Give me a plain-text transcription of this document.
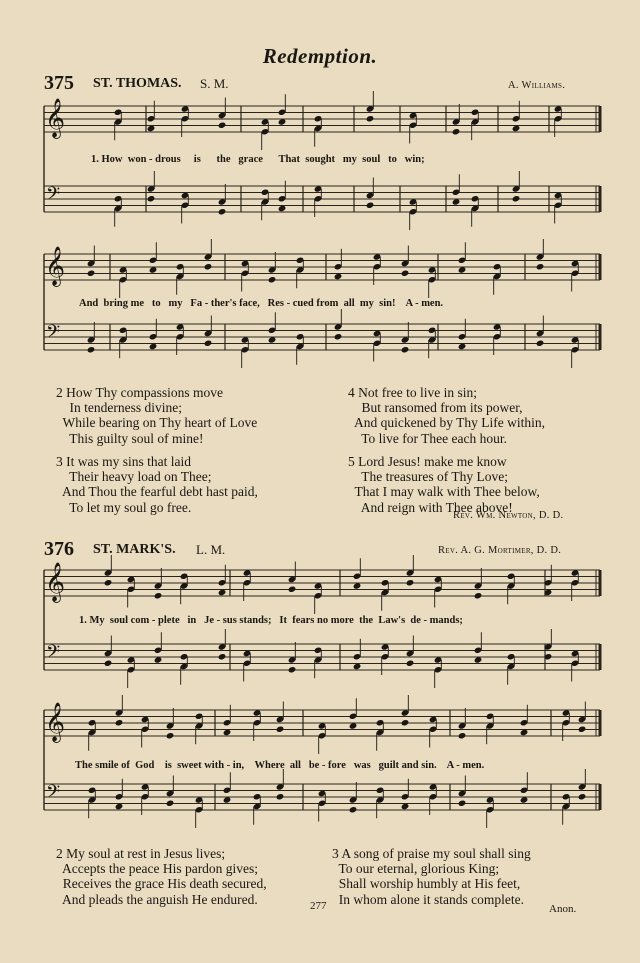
Redemption.
375 ST. THOMAS. S. M.	A. Williams.
𝄞
𝄢
𝄞
𝄢
𝄞
𝄢
𝄞
𝄢
1. How  won - drous     is      the   grace      That  sought   my  soul   to   win;
And  bring me   to   my   Fa - ther's face,   Res - cued from  all  my  sin!    A - men.
2 How Thy compassions move
In tenderness divine;
While bearing on Thy heart of Love
This guilty soul of mine!
3 It was my sins that laid
Their heavy load on Thee;
And Thou the fearful debt hast paid,
To let my soul go free.
4 Not free to live in sin;
But ransomed from its power,
And quickened by Thy Life within,
To live for Thee each hour.
5 Lord Jesus! make me know
The treasures of Thy Love;
That I may walk with Thee below,
And reign with Thee above!
Rev. Wm. Newton, D. D.
376 ST. MARK'S. L. M.	Rev. A. G. Mortimer, D. D.
1. My  soul com - plete   in   Je - sus stands;   It  fears no more  the  Law's  de - mands;
The smile of  God    is  sweet with - in,    Where  all   be - fore   was   guilt and sin.    A - men.
2 My soul at rest in Jesus lives;
Accepts the peace His pardon gives;
Receives the grace His death secured,
And pleads the anguish He endured.
3 A song of praise my soul shall sing
To our eternal, glorious King;
Shall worship humbly at His feet,
In whom alone it stands complete.
277	Anon.
